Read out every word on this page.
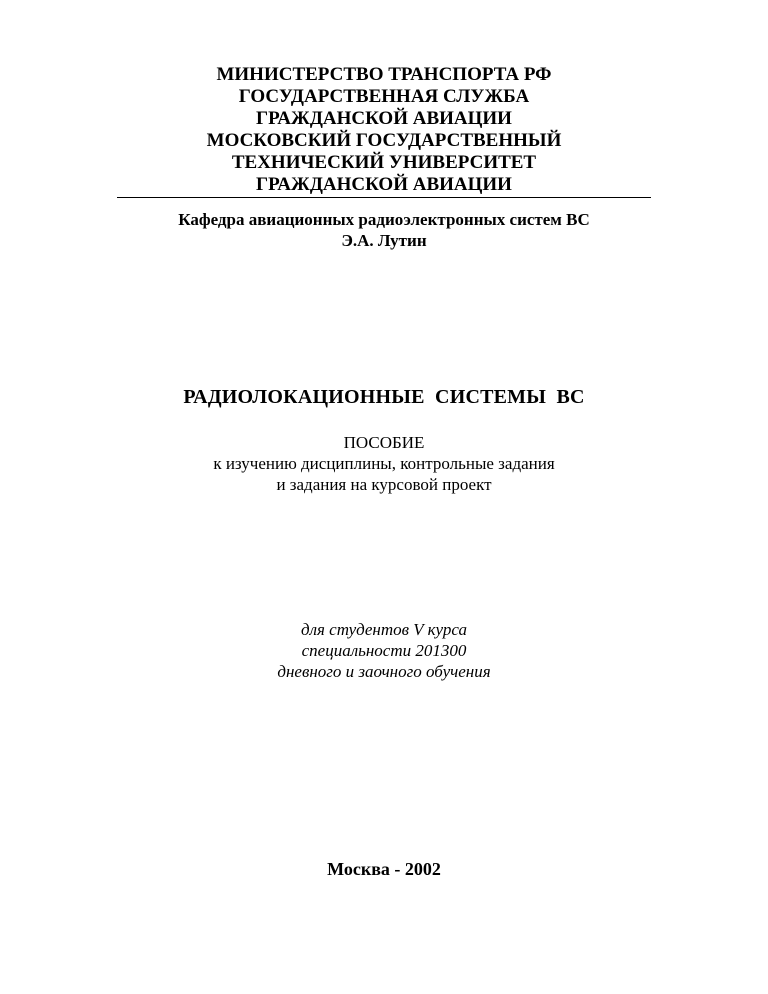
МИНИСТЕРСТВО ТРАНСПОРТА РФ
ГОСУДАРСТВЕННАЯ СЛУЖБА
ГРАЖДАНСКОЙ АВИАЦИИ
МОСКОВСКИЙ ГОСУДАРСТВЕННЫЙ
ТЕХНИЧЕСКИЙ УНИВЕРСИТЕТ
ГРАЖДАНСКОЙ АВИАЦИИ
Кафедра авиационных радиоэлектронных систем ВС
Э.А. Лутин
РАДИОЛОКАЦИОННЫЕ  СИСТЕМЫ  ВС
ПОСОБИЕ
к изучению дисциплины, контрольные задания
и задания на курсовой проект
для студентов V курса
специальности 201300
дневного и заочного обучения
Москва - 2002
